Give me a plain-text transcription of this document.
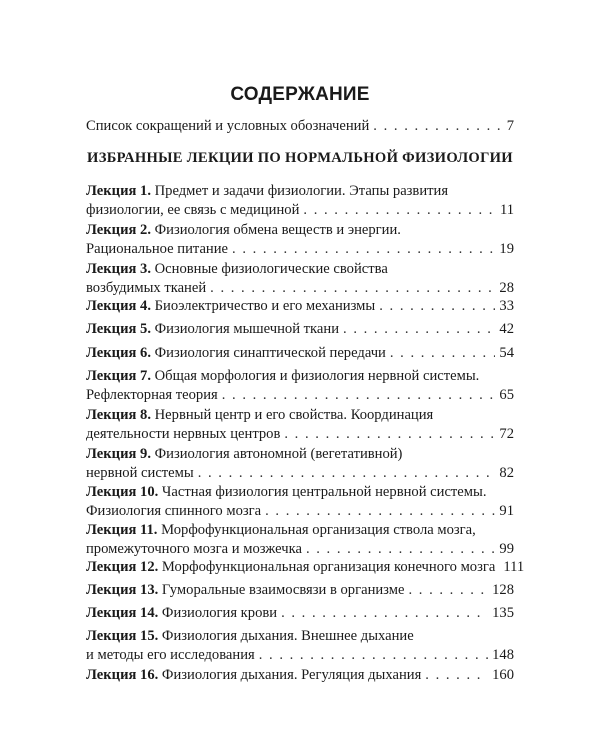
СОДЕРЖАНИЕ
Список сокращений и условных обозначений . . .	7
ИЗБРАННЫЕ ЛЕКЦИИ ПО НОРМАЛЬНОЙ ФИЗИОЛОГИИ
Лекция 1. Предмет и задачи физиологии. Этапы развития
физиологии, ее связь с медициной . . .	11
Лекция 2. Физиология обмена веществ и энергии.
Рациональное питание . . .	19
Лекция 3. Основные физиологические свойства
возбудимых тканей . . .	28
Лекция 4. Биоэлектричество и его механизмы . . .	33
Лекция 5. Физиология мышечной ткани . . .	42
Лекция 6. Физиология синаптической передачи . . .	54
Лекция 7. Общая морфология и физиология нервной системы.
Рефлекторная теория . . .	65
Лекция 8. Нервный центр и его свойства. Координация
деятельности нервных центров . . .	72
Лекция 9. Физиология автономной (вегетативной)
нервной системы . . .	82
Лекция 10. Частная физиология центральной нервной системы.
Физиология спинного мозга . . .	91
Лекция 11. Морфофункциональная организация ствола мозга,
промежуточного мозга и мозжечка . . .	99
Лекция 12. Морфофункциональная организация конечного мозга 111
Лекция 13. Гуморальные взаимосвязи в организме . . .	128
Лекция 14. Физиология крови . . .	135
Лекция 15. Физиология дыхания. Внешнее дыхание
и методы его исследования . . .	148
Лекция 16. Физиология дыхания. Регуляция дыхания . . .	160
